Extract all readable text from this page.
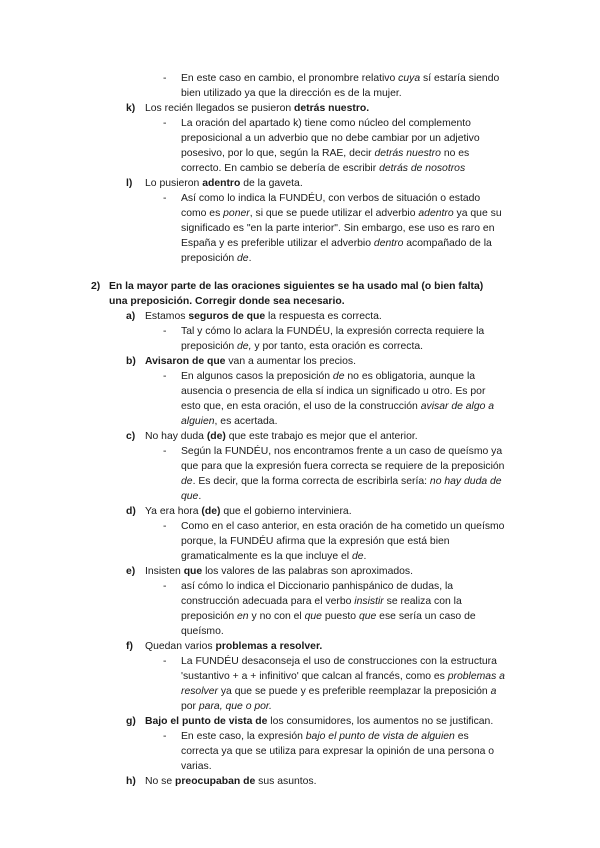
- En este caso en cambio, el pronombre relativo cuya sí estaría siendo
bien utilizado ya que la dirección es de la mujer.
k) Los recién llegados se pusieron detrás nuestro.
- La oración del apartado k) tiene como núcleo del complemento
preposicional a un adverbio que no debe cambiar por un adjetivo
posesivo, por lo que, según la RAE, decir detrás nuestro no es
correcto. En cambio se debería de escribir detrás de nosotros
l) Lo pusieron adentro de la gaveta.
- Así como lo indica la FUNDÉU, con verbos de situación o estado
como es poner, si que se puede utilizar el adverbio adentro ya que su
significado es "en la parte interior". Sin embargo, ese uso es raro en
España y es preferible utilizar el adverbio dentro acompañado de la
preposición de.
2) En la mayor parte de las oraciones siguientes se ha usado mal (o bien falta)
una preposición. Corregir donde sea necesario.
a) Estamos seguros de que la respuesta es correcta.
- Tal y cómo lo aclara la FUNDÉU, la expresión correcta requiere la
preposición de, y por tanto, esta oración es correcta.
b) Avisaron de que van a aumentar los precios.
- En algunos casos la preposición de no es obligatoria, aunque la
ausencia o presencia de ella sí indica un significado u otro. Es por
esto que, en esta oración, el uso de la construcción avisar de algo a
alguien, es acertada.
c) No hay duda (de) que este trabajo es mejor que el anterior.
- Según la FUNDÉU, nos encontramos frente a un caso de queísmo ya
que para que la expresión fuera correcta se requiere de la preposición
de. Es decir, que la forma correcta de escribirla sería: no hay duda de
que.
d) Ya era hora (de) que el gobierno interviniera.
- Como en el caso anterior, en esta oración de ha cometido un queísmo
porque, la FUNDÉU afirma que la expresión que está bien
gramaticalmente es la que incluye el de.
e) Insisten que los valores de las palabras son aproximados.
- así cómo lo indica el Diccionario panhispánico de dudas, la
construcción adecuada para el verbo insistir se realiza con la
preposición en y no con el que puesto que ese sería un caso de
queísmo.
f) Quedan varios problemas a resolver.
- La FUNDÉU desaconseja el uso de construcciones con la estructura
'sustantivo + a + infinitivo' que calcan al francés, como es problemas a
resolver ya que se puede y es preferible reemplazar la preposición a
por para, que o por.
g) Bajo el punto de vista de los consumidores, los aumentos no se justifican.
- En este caso, la expresión bajo el punto de vista de alguien es
correcta ya que se utiliza para expresar la opinión de una persona o
varias.
h) No se preocupaban de sus asuntos.
